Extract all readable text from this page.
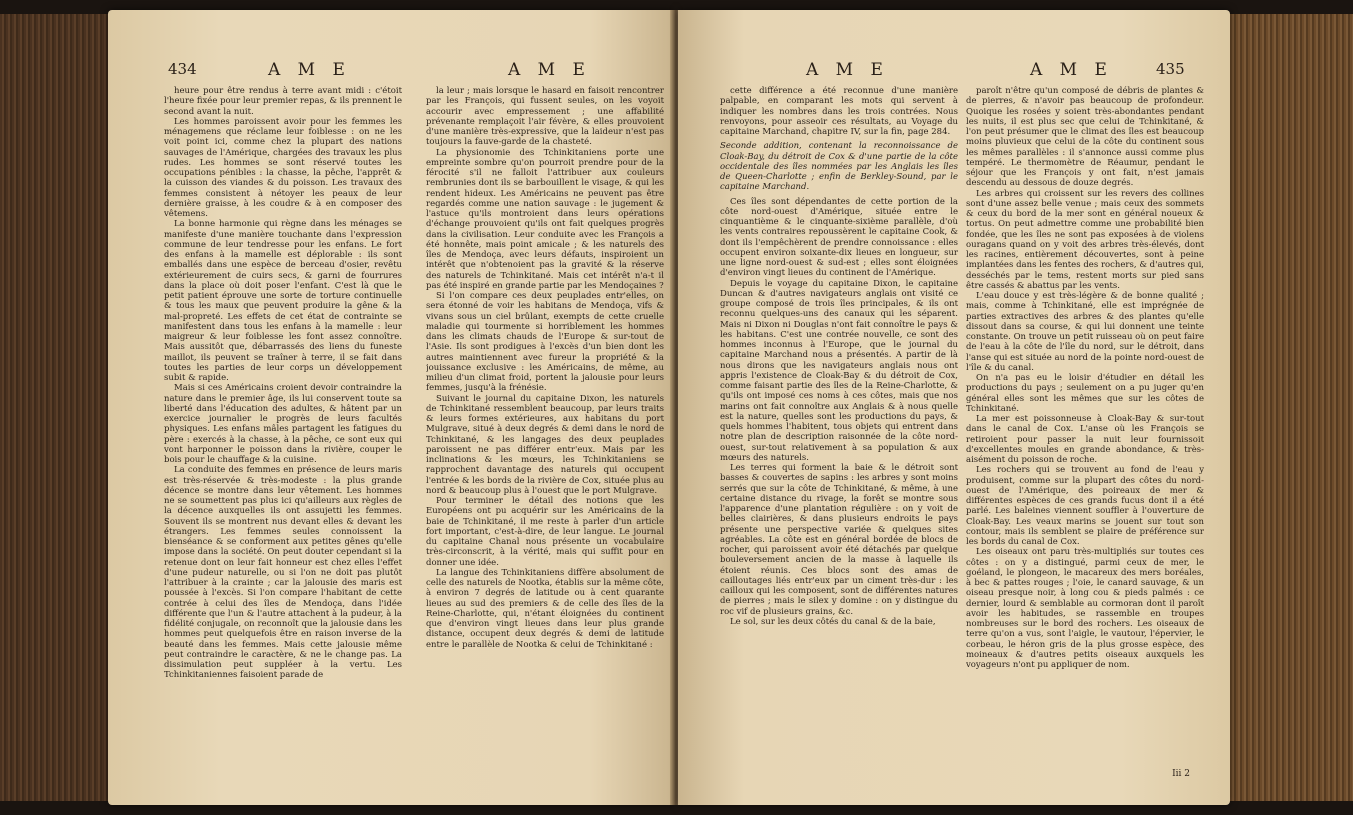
434	A M E	A M E

heure pour être rendus à terre avant midi : c'étoit l'heure fixée pour leur premier repas, & ils prennent le second avant la nuit.

Les hommes paroissent avoir pour les femmes les ménagemens que réclame leur foiblesse : on ne les voit point ici, comme chez la plupart des nations sauvages de l'Amérique, chargées des travaux les plus rudes. Les hommes se sont réservé toutes les occupations pénibles : la chasse, la pêche, l'apprêt & la cuisson des viandes & du poisson. Les travaux des femmes consistent à nétoyer les peaux de leur dernière graisse, à les coudre & à en composer des vêtemens.

La bonne harmonie qui règne dans les ménages se manifeste d'une manière touchante dans l'expression commune de leur tendresse pour les enfans. Le fort des enfans à la mamelle est déplorable : ils sont emballés dans une espèce de berceau d'osier, revêtu extérieurement de cuirs secs, & garni de fourrures dans la place où doit poser l'enfant. C'est là que le petit patient éprouve une sorte de torture continuelle & tous les maux que peuvent produire la gêne & la mal-propreté. Les effets de cet état de contrainte se manifestent dans tous les enfans à la mamelle : leur maigreur & leur foiblesse les font assez connoître. Mais aussitôt que, débarrassés des liens du funeste maillot, ils peuvent se traîner à terre, il se fait dans toutes les parties de leur corps un développement subit & rapide.

Mais si ces Américains croient devoir contraindre la nature dans le premier âge, ils lui conservent toute sa liberté dans l'éducation des adultes, & hâtent par un exercice journalier le progrès de leurs facultés physiques. Les enfans mâles partagent les fatigues du père : exercés à la chasse, à la pêche, ce sont eux qui vont harponner le poisson dans la rivière, couper le bois pour le chauffage & la cuisine.

La conduite des femmes en présence de leurs maris est très-réservée & très-modeste : la plus grande décence se montre dans leur vêtement. Les hommes ne se soumettent pas plus ici qu'ailleurs aux règles de la décence auxquelles ils ont assujetti les femmes. Souvent ils se montrent nus devant elles & devant les étrangers. Les femmes seules connoissent la bienséance & se conforment aux petites gênes qu'elle impose dans la société. On peut douter cependant si la retenue dont on leur fait honneur est chez elles l'effet d'une pudeur naturelle, ou si l'on ne doit pas plutôt l'attribuer à la crainte ; car la jalousie des maris est poussée à l'excès. Si l'on compare l'habitant de cette contrée à celui des îles de Mendoça, dans l'idée différente que l'un & l'autre attachent à la pudeur, à la fidélité conjugale, on reconnoît que la jalousie dans les hommes peut quelquefois être en raison inverse de la beauté dans les femmes. Mais cette jalousie même peut contraindre le caractère, & ne le change pas. La dissimulation peut suppléer à la vertu. Les Tchinkitaniennes faisoient parade de

la leur ; mais lorsque le hasard en faisoit rencontrer par les François, qui fussent seules, on les voyoit accourir avec empressement ; une affabilité prévenante remplaçoit l'air févère, & elles prouvoient d'une manière très-expressive, que la laideur n'est pas toujours la fauve-garde de la chasteté.

La physionomie des Tchinkitaniens porte une empreinte sombre qu'on pourroit prendre pour de la férocité s'il ne falloit l'attribuer aux couleurs rembrunies dont ils se barbouillent le visage, & qui les rendent hideux. Les Américains ne peuvent pas être regardés comme une nation sauvage : le jugement & l'astuce qu'ils montroient dans leurs opérations d'échange prouvoient qu'ils ont fait quelques progrès dans la civilisation. Leur conduite avec les François a été honnête, mais point amicale ; & les naturels des îles de Mendoça, avec leurs défauts, inspiroient un intérêt que n'obtenoient pas la gravité & la réserve des naturels de Tchinkitané. Mais cet intérêt n'a-t il pas été inspiré en grande partie par les Mendoçaines ?

Si l'on compare ces deux peuplades entr'elles, on sera étonné de voir les habitans de Mendoça, vifs & vivans sous un ciel brûlant, exempts de cette cruelle maladie qui tourmente si horriblement les hommes dans les climats chauds de l'Europe & sur-tout de l'Asie. Ils sont prodigues à l'excès d'un bien dont les autres maintiennent avec fureur la propriété & la jouissance exclusive : les Américains, de même, au milieu d'un climat froid, portent la jalousie pour leurs femmes, jusqu'à la frénésie.

Suivant le journal du capitaine Dixon, les naturels de Tchinkitané ressemblent beaucoup, par leurs traits & leurs formes extérieures, aux habitans du port Mulgrave, situé à deux degrés & demi dans le nord de Tchinkitané, & les langages des deux peuplades paroissent ne pas différer entr'eux. Mais par les inclinations & les mœurs, les Tchinkitaniens se rapprochent davantage des naturels qui occupent l'entrée & les bords de la rivière de Cox, située plus au nord & beaucoup plus à l'ouest que le port Mulgrave.

Pour terminer le détail des notions que les Européens ont pu acquérir sur les Américains de la baie de Tchinkitané, il me reste à parler d'un article fort important, c'est-à-dire, de leur langue. Le journal du capitaine Chanal nous présente un vocabulaire très-circonscrit, à la vérité, mais qui suffit pour en donner une idée.

La langue des Tchinkitaniens diffère absolument de celle des naturels de Nootka, établis sur la même côte, à environ 7 degrés de latitude ou à cent quarante lieues au sud des premiers & de celle des îles de la Reine-Charlotte, qui, n'étant éloignées du continent que d'environ vingt lieues dans leur plus grande distance, occupent deux degrés & demi de latitude entre le parallèle de Nootka & celui de Tchinkitané :

A M E	A M E	435

cette différence a été reconnue d'une manière palpable, en comparant les mots qui servent à indiquer les nombres dans les trois contrées. Nous renvoyons, pour asseoir ces résultats, au Voyage du capitaine Marchand, chapitre IV, sur la fin, page 284.

Seconde addition, contenant la reconnoissance de Cloak-Bay, du détroit de Cox & d'une partie de la côte occidentale des îles nommées par les Anglais les îles de Queen-Charlotte ; enfin de Berkley-Sound, par le capitaine Marchand.

Ces îles sont dépendantes de cette portion de la côte nord-ouest d'Amérique, située entre le cinquantième & le cinquante-sixième parallèle, d'où les vents contraires repoussèrent le capitaine Cook, & dont ils l'empêchèrent de prendre connoissance : elles occupent environ soixante-dix lieues en longueur, sur une ligne nord-ouest & sud-est ; elles sont éloignées d'environ vingt lieues du continent de l'Amérique.

Depuis le voyage du capitaine Dixon, le capitaine Duncan & d'autres navigateurs anglais ont visité ce groupe composé de trois îles principales, & ils ont reconnu quelques-uns des canaux qui les séparent. Mais ni Dixon ni Douglas n'ont fait connoître le pays & les habitans. C'est une contrée nouvelle, ce sont des hommes inconnus à l'Europe, que le journal du capitaine Marchand nous a présentés. A partir de là nous dirons que les navigateurs anglais nous ont appris l'existence de Cloak-Bay & du détroit de Cox, comme faisant partie des îles de la Reine-Charlotte, & qu'ils ont imposé ces noms à ces côtes, mais que nos marins ont fait connoître aux Anglais & à nous quelle est la nature, quelles sont les productions du pays, & quels hommes l'habitent, tous objets qui entrent dans notre plan de description raisonnée de la côte nord-ouest, sur-tout relativement à sa population & aux mœurs des naturels.

Les terres qui forment la baie & le détroit sont basses & couvertes de sapins : les arbres y sont moins serrés que sur la côte de Tchinkitané, & même, à une certaine distance du rivage, la forêt se montre sous l'apparence d'une plantation régulière : on y voit de belles clairières, & dans plusieurs endroits le pays présente une perspective variée & quelques sites agréables. La côte est en général bordée de blocs de rocher, qui paroissent avoir été détachés par quelque bouleversement ancien de la masse à laquelle ils étoient réunis. Ces blocs sont des amas de cailloutages liés entr'eux par un ciment très-dur : les cailloux qui les composent, sont de différentes natures de pierres ; mais le silex y domine : on y distingue du roc vif de plusieurs grains, &c.

Le sol, sur les deux côtés du canal & de la baie,

paroît n'être qu'un composé de débris de plantes & de pierres, & n'avoir pas beaucoup de profondeur. Quoique les rosées y soient très-abondantes pendant les nuits, il est plus sec que celui de Tchinkitané, & l'on peut présumer que le climat des îles est beaucoup moins pluvieux que celui de la côte du continent sous les mêmes parallèles : il s'annonce aussi comme plus tempéré. Le thermomètre de Réaumur, pendant le séjour que les François y ont fait, n'est jamais descendu au dessous de douze degrés.

Les arbres qui croissent sur les revers des collines sont d'une assez belle venue ; mais ceux des sommets & ceux du bord de la mer sont en général noueux & tortus. On peut admettre comme une probabilité bien fondée, que les îles ne sont pas exposées à de violens ouragans quand on y voit des arbres très-élevés, dont les racines, entièrement découvertes, sont à peine implantées dans les fentes des rochers, & d'autres qui, desséchés par le tems, restent morts sur pied sans être cassés & abattus par les vents.

L'eau douce y est très-légère & de bonne qualité ; mais, comme à Tchinkitané, elle est imprégnée de parties extractives des arbres & des plantes qu'elle dissout dans sa course, & qui lui donnent une teinte constante. On trouve un petit ruisseau où on peut faire de l'eau à la côte de l'île du nord, sur le détroit, dans l'anse qui est située au nord de la pointe nord-ouest de l'île & du canal.

On n'a pas eu le loisir d'étudier en détail les productions du pays ; seulement on a pu juger qu'en général elles sont les mêmes que sur les côtes de Tchinkitané.

La mer est poissonneuse à Cloak-Bay & sur-tout dans le canal de Cox. L'anse où les François se retiroient pour passer la nuit leur fournissoit d'excellentes moules en grande abondance, & très-aisément du poisson de roche.

Les rochers qui se trouvent au fond de l'eau y produisent, comme sur la plupart des côtes du nord-ouest de l'Amérique, des poireaux de mer & différentes espèces de ces grands fucus dont il a été parlé. Les baleines viennent souffler à l'ouverture de Cloak-Bay. Les veaux marins se jouent sur tout son contour, mais ils semblent se plaire de préférence sur les bords du canal de Cox.

Les oiseaux ont paru très-multipliés sur toutes ces côtes : on y a distingué, parmi ceux de mer, le goéland, le plongeon, le macareux des mers boréales, à bec & pattes rouges ; l'oie, le canard sauvage, & un oiseau presque noir, à long cou & pieds palmés : ce dernier, lourd & semblable au cormoran dont il paroît avoir les habitudes, se rassemble en troupes nombreuses sur le bord des rochers. Les oiseaux de terre qu'on a vus, sont l'aigle, le vautour, l'épervier, le corbeau, le héron gris de la plus grosse espèce, des moineaux & d'autres petits oiseaux auxquels les voyageurs n'ont pu appliquer de nom.

Iii 2
